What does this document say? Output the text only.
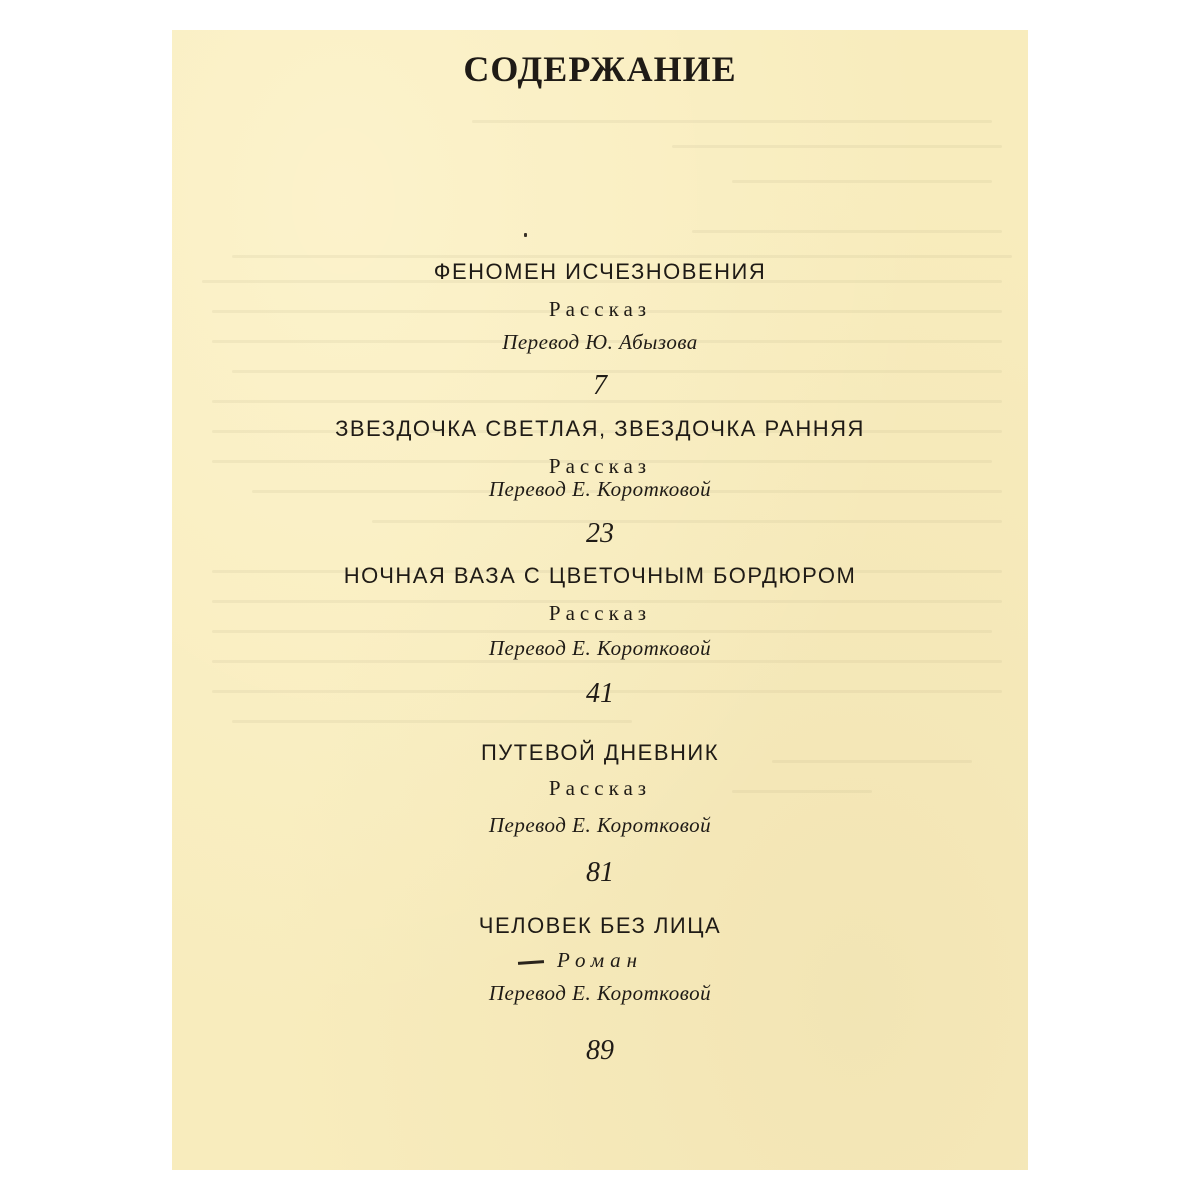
СОДЕРЖАНИЕ
ФЕНОМЕН ИСЧЕЗНОВЕНИЯ
Рассказ
Перевод Ю. Абызова
7
ЗВЕЗДОЧКА СВЕТЛАЯ, ЗВЕЗДОЧКА РАННЯЯ
Рассказ
Перевод Е. Коротковой
23
НОЧНАЯ ВАЗА С ЦВЕТОЧНЫМ БОРДЮРОМ
Рассказ
Перевод Е. Коротковой
41
ПУТЕВОЙ ДНЕВНИК
Рассказ
Перевод Е. Коротковой
81
ЧЕЛОВЕК БЕЗ ЛИЦА
Роман
Перевод Е. Коротковой
89
